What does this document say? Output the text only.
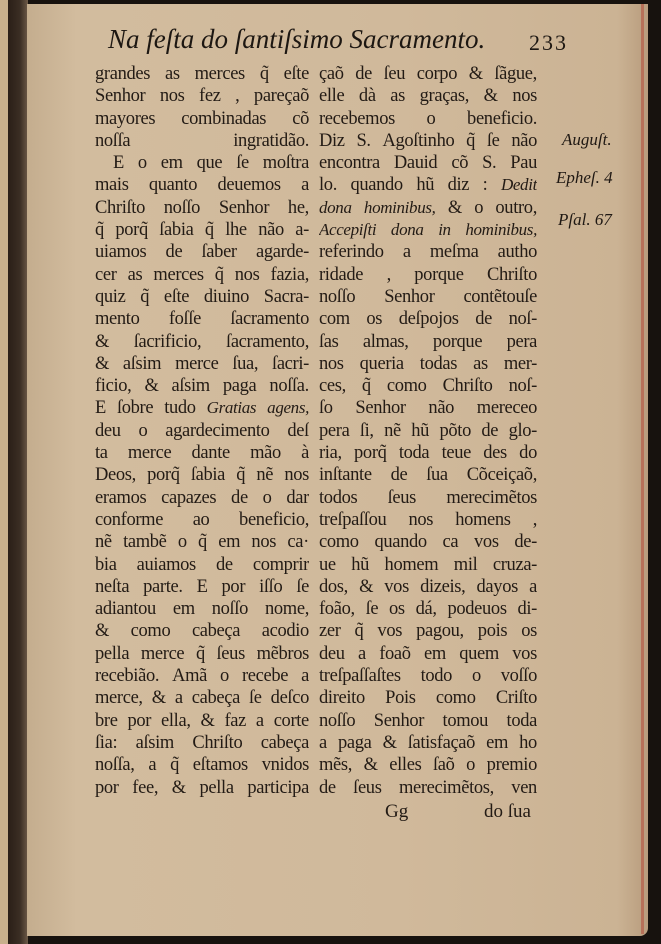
Na feſta do ſantiſsimo Sacramento. 233
grandes as merces q̃ eſte
Senhor nos fez , pareçaõ
mayores combinadas cõ
noſſa	ingratidão.
E o em que ſe moſtra
mais quanto deuemos a
Chriſto noſſo Senhor he,
q̃ porq̃ ſabia q̃ lhe não a-
uiamos de ſaber agarde-
cer as merces q̃ nos fazia,
quiz q̃ eſte diuino Sacra-
mento foſſe ſacramento
& ſacrificio, ſacramento,
& aſsim merce ſua, ſacri-
ficio, & aſsim paga noſſa.
E ſobre tudo Gratias agens,
deu o agardecimento deſ
ta merce dante mão à
Deos, porq̃ ſabia q̃ nẽ nos
eramos capazes de o dar
conforme ao beneficio,
nẽ tambẽ o q̃ em nos ca·
bia auiamos de comprir
neſta parte. E por iſſo ſe
adiantou em noſſo nome,
& como cabeça acodio
pella merce q̃ ſeus mẽbros
recebião. Amã o recebe a
merce, & a cabeça ſe deſco
bre por ella, & faz a corte
ſia: aſsim Chriſto cabeça
noſſa, a q̃ eſtamos vnidos
por fee, & pella participa
çaõ de ſeu corpo & ſãgue,
elle dà as graças, & nos
recebemos o beneficio.
Diz S. Agoſtinho q̃ ſe não
encontra Dauid cõ S. Pau
lo. quando hũ diz : Dedit
dona hominibus, & o outro,
Accepiſti dona in hominibus,
referindo a meſma autho
ridade , porque Chriſto
noſſo Senhor contẽtouſe
com os deſpojos de noſ-
ſas almas, porque pera
nos queria todas as mer-
ces, q̃ como Chriſto noſ-
ſo Senhor não mereceo
pera ſi, nẽ hũ põto de glo-
ria, porq̃ toda teue des do
inſtante de ſua Cõceiçaõ,
todos ſeus merecimẽtos
treſpaſſou nos homens ,
como quando ca vos de-
ue hũ homem mil cruza-
dos, & vos dizeis, dayos a
foão, ſe os dá, podeuos di-
zer q̃ vos pagou, pois os
deu a foaõ em quem vos
treſpaſſaſtes todo o voſſo
direito Pois como Criſto
noſſo Senhor tomou toda
a paga & ſatisfaçaõ em ho
mẽs, & elles ſaõ o premio
de ſeus merecimẽtos, ven
Auguſt.
Epheſ. 4
Pſal. 67
Gg	do ſua
